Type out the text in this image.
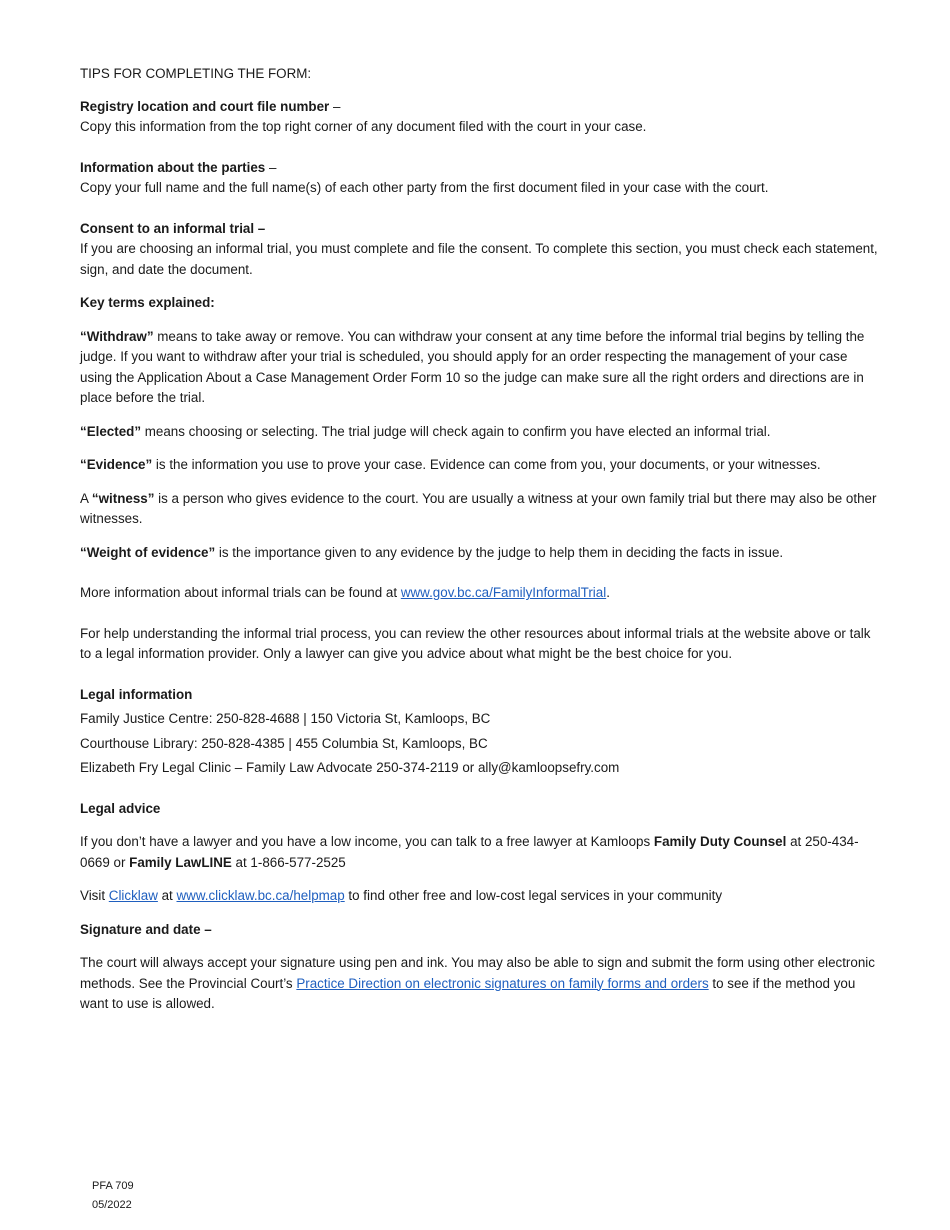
TIPS FOR COMPLETING THE FORM:

Registry location and court file number –

Copy this information from the top right corner of any document filed with the court in your case.

Information about the parties –

Copy your full name and the full name(s) of each other party from the first document filed in your case with the court.

Consent to an informal trial –

If you are choosing an informal trial, you must complete and file the consent. To complete this section, you must check each statement, sign, and date the document.

Key terms explained:

“Withdraw” means to take away or remove. You can withdraw your consent at any time before the informal trial begins by telling the judge. If you want to withdraw after your trial is scheduled, you should apply for an order respecting the management of your case using the Application About a Case Management Order Form 10 so the judge can make sure all the right orders and directions are in place before the trial.

“Elected” means choosing or selecting. The trial judge will check again to confirm you have elected an informal trial.

“Evidence” is the information you use to prove your case. Evidence can come from you, your documents, or your witnesses.

A “witness” is a person who gives evidence to the court. You are usually a witness at your own family trial but there may also be other witnesses.

“Weight of evidence” is the importance given to any evidence by the judge to help them in deciding the facts in issue.

More information about informal trials can be found at www.gov.bc.ca/FamilyInformalTrial.

For help understanding the informal trial process, you can review the other resources about informal trials at the website above or talk to a legal information provider. Only a lawyer can give you advice about what might be the best choice for you.

Legal information

Family Justice Centre: 250-828-4688 | 150 Victoria St, Kamloops, BC

Courthouse Library: 250-828-4385 | 455 Columbia St, Kamloops, BC

Elizabeth Fry Legal Clinic – Family Law Advocate 250-374-2119 or ally@kamloopsefry.com

Legal advice

If you don’t have a lawyer and you have a low income, you can talk to a free lawyer at Kamloops Family Duty Counsel at 250-434-0669 or Family LawLINE at 1-866-577-2525

Visit Clicklaw at www.clicklaw.bc.ca/helpmap to find other free and low-cost legal services in your community

Signature and date –

The court will always accept your signature using pen and ink. You may also be able to sign and submit the form using other electronic methods. See the Provincial Court’s Practice Direction on electronic signatures on family forms and orders to see if the method you want to use is allowed.

PFA 709
05/2022
